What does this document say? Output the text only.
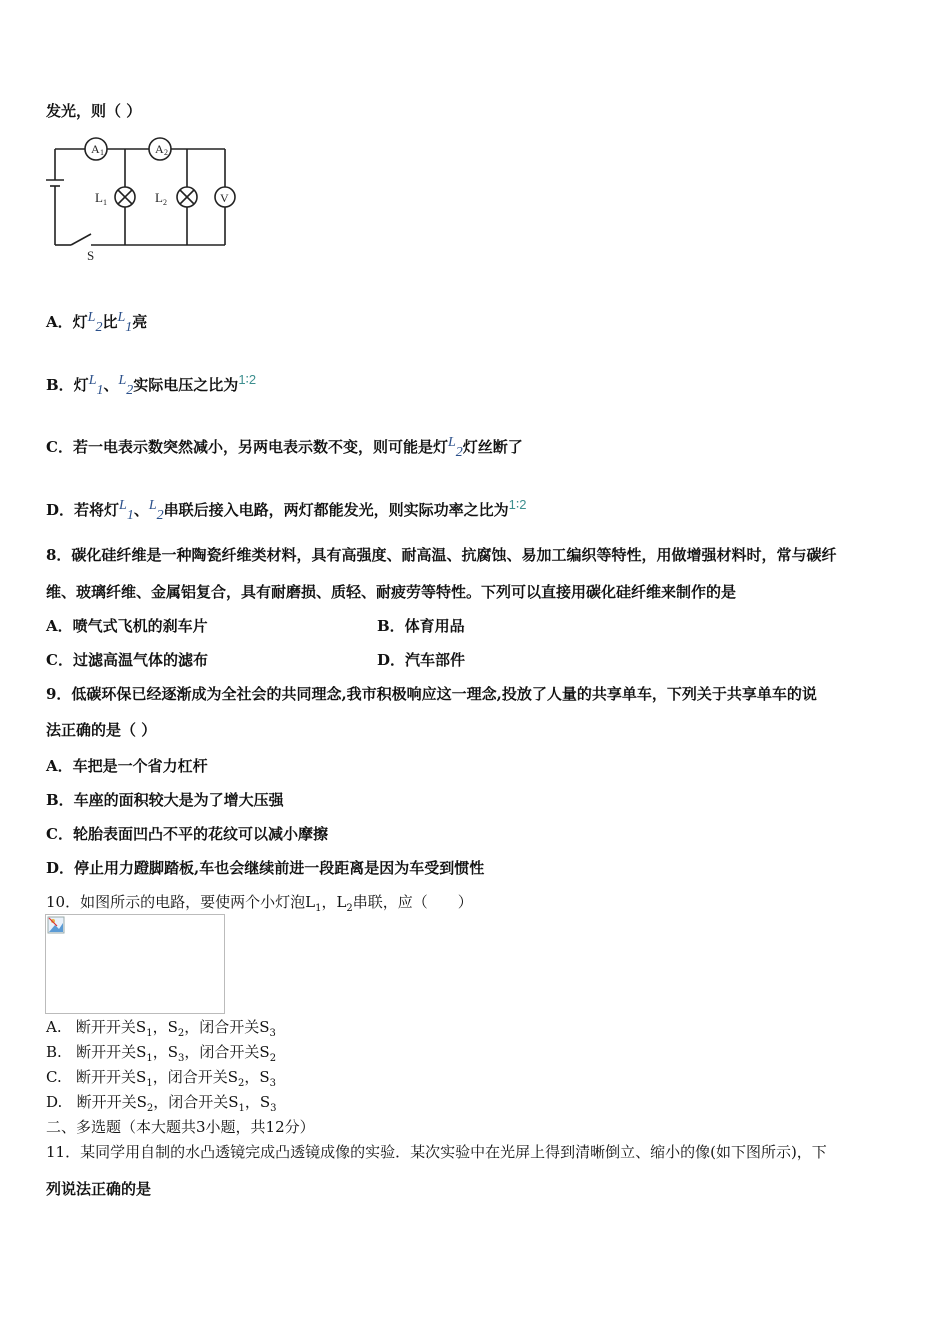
发光，则（ ）
A 1	A 2
V
L 1	L 2
S
A．灯$L_2$比$L_1$亮
B．灯$L_1$、$L_2$实际电压之比为1∶2
C．若一电表示数突然减小，另两电表示数不变，则可能是灯$L_2$灯丝断了
D．若将灯$L_1$、$L_2$串联后接入电路，两灯都能发光，则实际功率之比为1∶2
8．碳化硅纤维是一种陶瓷纤维类材料，具有高强度、耐高温、抗腐蚀、易加工编织等特性，用做增强材料时，常与碳纤
维、玻璃纤维、金属铝复合，具有耐磨损、质轻、耐疲劳等特性。下列可以直接用碳化硅纤维来制作的是
A．喷气式飞机的刹车片	B．体育用品
C．过滤高温气体的滤布	D．汽车部件
9．低碳环保已经逐渐成为全社会的共同理念,我市积极响应这一理念,投放了人量的共享单车，下列关于共享单车的说
法正确的是（ ）
A．车把是一个省力杠杆
B．车座的面积较大是为了增大压强
C．轮胎表面凹凸不平的花纹可以减小摩擦
D．停止用力蹬脚踏板,车也会继续前进一段距离是因为车受到惯性
10．如图所示的电路，要使两个小灯泡$L_1$，$L_2$串联，应（　　）
A. 断开开关$S_1$，$S_2$，闭合开关$S_3$
B. 断开开关$S_1$，$S_3$，闭合开关$S_2$
C. 断开开关$S_1$，闭合开关$S_2$，$S_3$
D. 断开开关$S_2$，闭合开关$S_1$，$S_3$
二、多选题（本大题共3小题，共12分）
11．某同学用自制的水凸透镜完成凸透镜成像的实验．某次实验中在光屏上得到清晰倒立、缩小的像(如下图所示)，下
列说法正确的是
